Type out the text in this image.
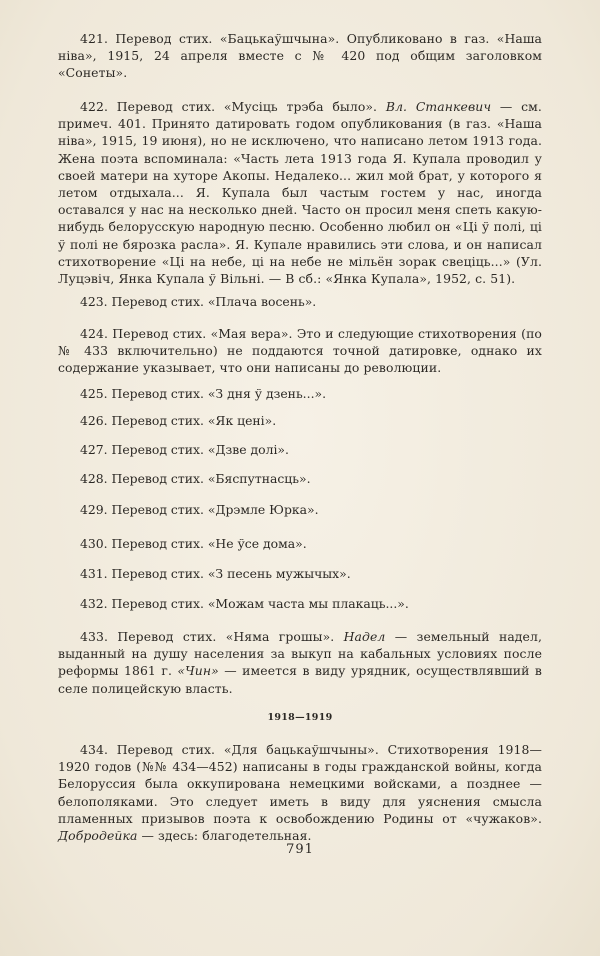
421. Перевод стих. «Бацькаўшчына». Опубликовано в газ. «Наша ніва», 1915, 24 апреля вместе с № 420 под общим заголовком «Сонеты».

422. Перевод стих. «Мусіць трэба было». Вл. Станкевич — см. примеч. 401. Принято датировать годом опубликования (в газ. «Наша ніва», 1915, 19 июня), но не исключено, что написано летом 1913 года. Жена поэта вспоминала: «Часть лета 1913 года Я. Купала проводил у своей матери на хуторе Акопы. Недалеко... жил мой брат, у которого я летом отдыхала... Я. Купала был частым гостем у нас, иногда оставался у нас на несколько дней. Часто он просил меня спеть какую-нибудь белорусскую народную песню. Особенно любил он «Ці ў полі, ці ў полі не бярозка расла». Я. Купале нравились эти слова, и он написал стихотворение «Ці на небе, ці на небе не мільён зорак свеціць...» (Ул. Луцэвіч, Янка Купала ў Вільні. — В сб.: «Янка Купала», 1952, с. 51).

423. Перевод стих. «Плача восень».

424. Перевод стих. «Мая вера». Это и следующие стихотворения (по № 433 включительно) не поддаются точной датировке, однако их содержание указывает, что они написаны до революции.

425. Перевод стих. «З дня ў дзень...».
426. Перевод стих. «Як цені».
427. Перевод стих. «Дзве долі».
428. Перевод стих. «Бяспутнасць».
429. Перевод стих. «Дрэмле Юрка».
430. Перевод стих. «Не ўсе дома».
431. Перевод стих. «З песень мужычых».
432. Перевод стих. «Можам часта мы плакаць...».

433. Перевод стих. «Няма грошы». Надел — земельный надел, выданный на душу населения за выкуп на кабальных условиях после реформы 1861 г. «Чин» — имеется в виду урядник, осуществлявший в селе полицейскую власть.

1918—1919

434. Перевод стих. «Для бацькаўшчыны». Стихотворения 1918—1920 годов (№№ 434—452) написаны в годы гражданской войны, когда Белоруссия была оккупирована немецкими войсками, а позднее — белополяками. Это следует иметь в виду для уяснения смысла пламенных призывов поэта к освобождению Родины от «чужаков». Добродейка — здесь: благодетельная.

791
